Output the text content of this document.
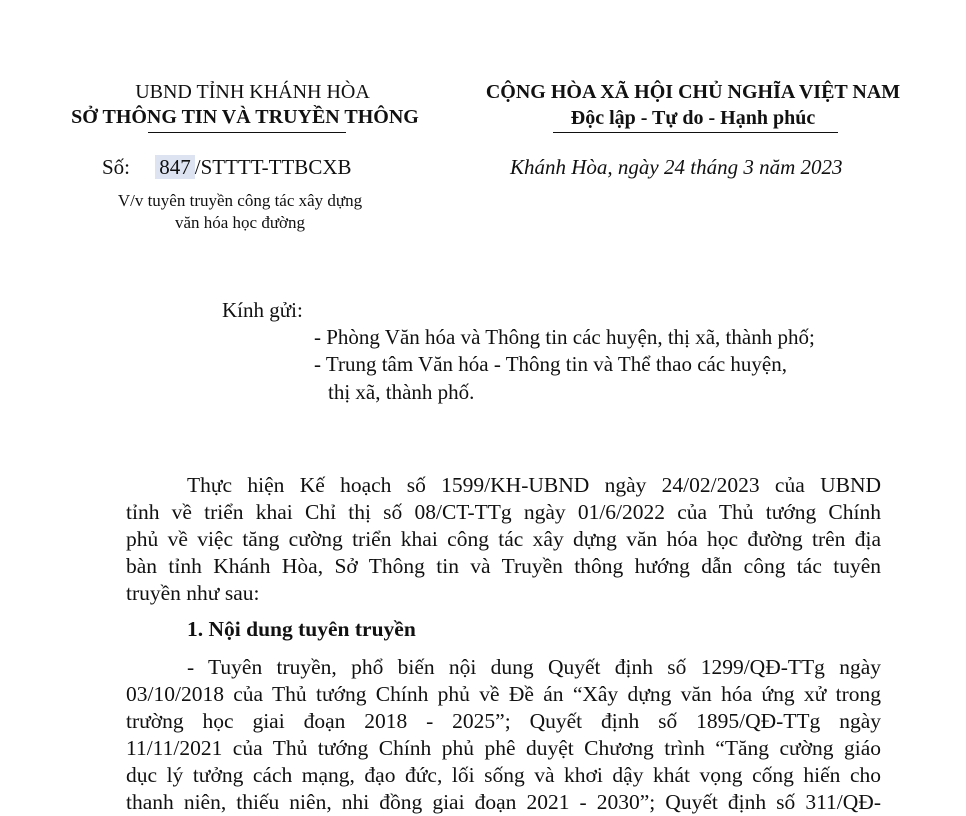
UBND TỈNH KHÁNH HÒA
SỞ THÔNG TIN VÀ TRUYỀN THÔNG
CỘNG HÒA XÃ HỘI CHỦ NGHĨA VIỆT NAM
Độc lập - Tự do - Hạnh phúc
Số: 847 /STTTT-TTBCXB	Khánh Hòa, ngày 24 tháng 3 năm 2023
V/v tuyên truyền công tác xây dựng
văn hóa học đường
Kính gửi:
- Phòng Văn hóa và Thông tin các huyện, thị xã, thành phố;
- Trung tâm Văn hóa - Thông tin và Thể thao các huyện,
thị xã, thành phố.
Thực hiện Kế hoạch số 1599/KH-UBND ngày 24/02/2023 của UBND
tỉnh về triển khai Chỉ thị số 08/CT-TTg ngày 01/6/2022 của Thủ tướng Chính
phủ về việc tăng cường triển khai công tác xây dựng văn hóa học đường trên địa
bàn tỉnh Khánh Hòa, Sở Thông tin và Truyền thông hướng dẫn công tác tuyên
truyền như sau:
1. Nội dung tuyên truyền
- Tuyên truyền, phổ biến nội dung Quyết định số 1299/QĐ-TTg ngày
03/10/2018 của Thủ tướng Chính phủ về Đề án “Xây dựng văn hóa ứng xử trong
trường học giai đoạn 2018 - 2025”; Quyết định số 1895/QĐ-TTg ngày
11/11/2021 của Thủ tướng Chính phủ phê duyệt Chương trình “Tăng cường giáo
dục lý tưởng cách mạng, đạo đức, lối sống và khơi dậy khát vọng cống hiến cho
thanh niên, thiếu niên, nhi đồng giai đoạn 2021 - 2030”; Quyết định số 311/QĐ-
